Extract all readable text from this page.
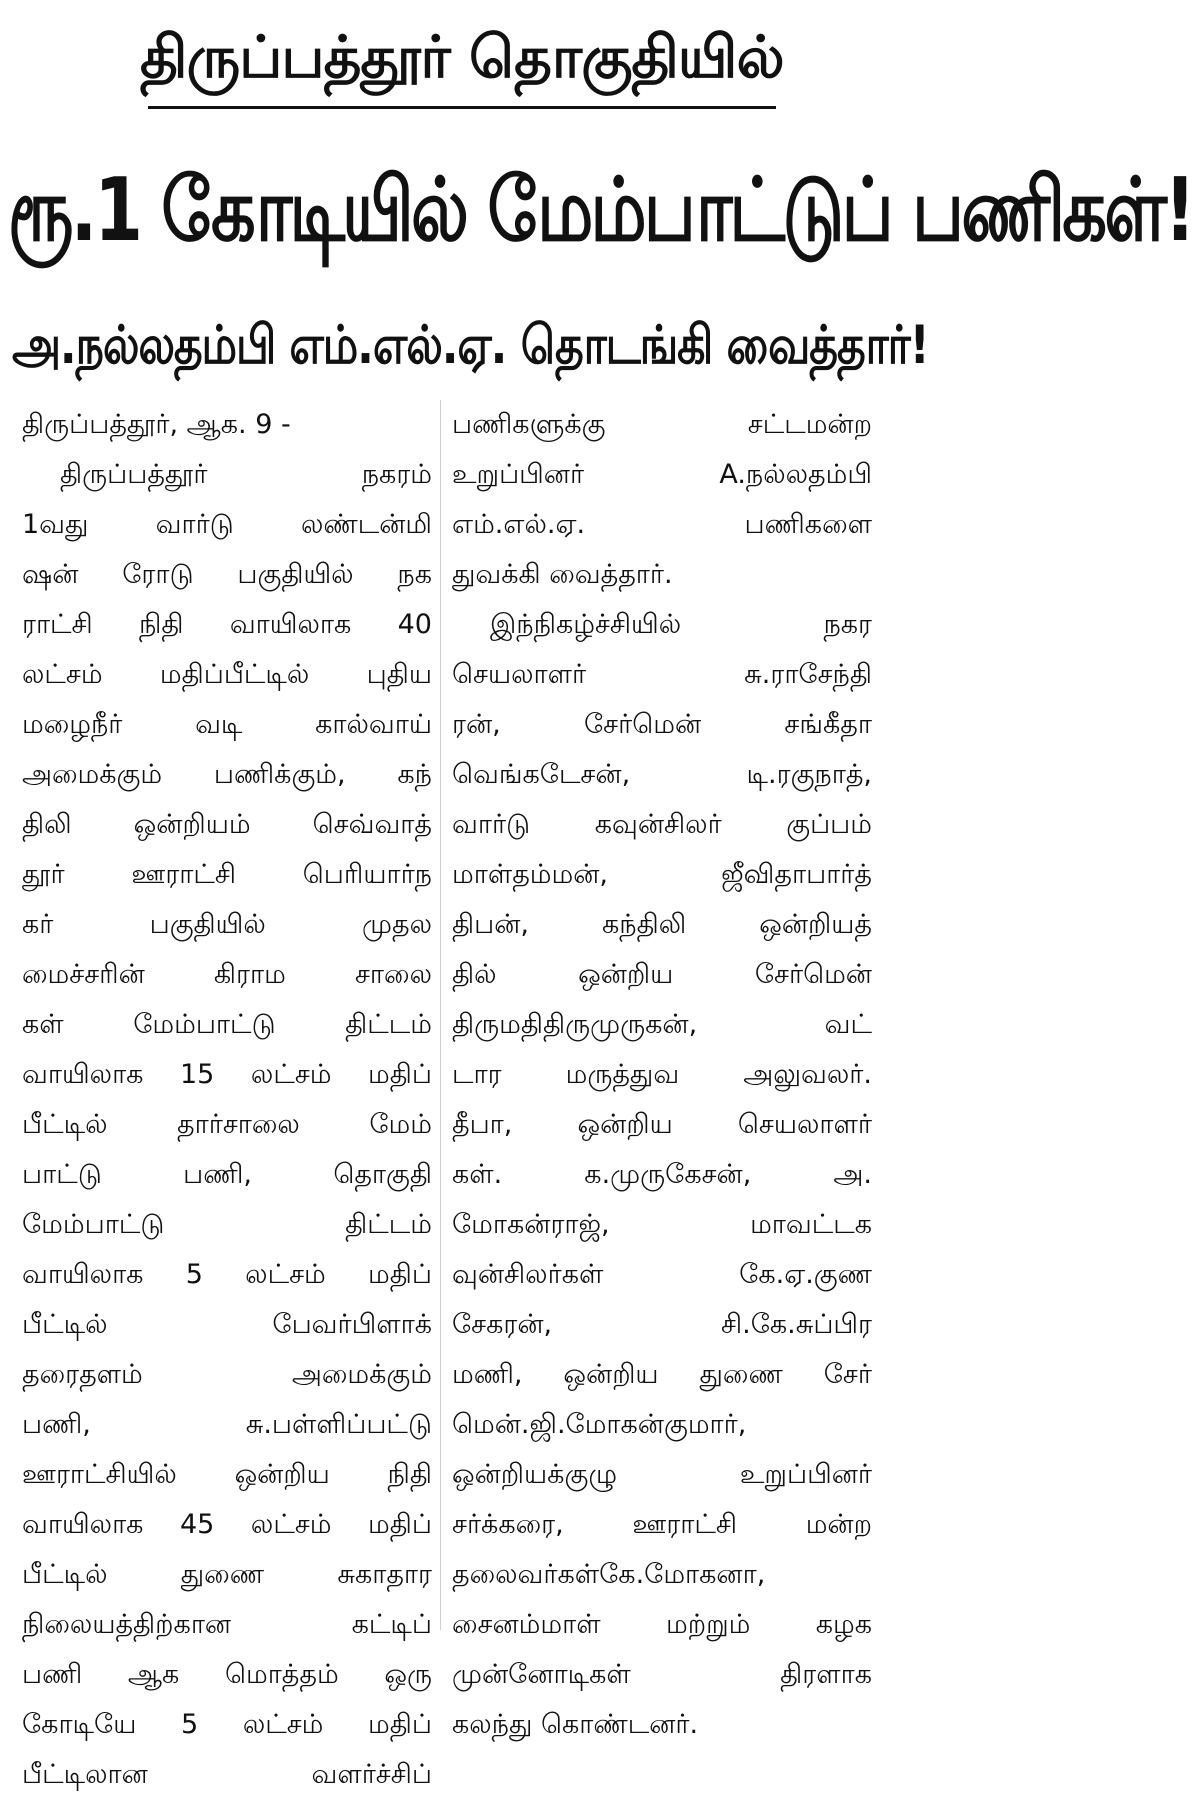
திருப்பத்தூர் தொகுதியில்
ரூ.1 கோடியில் மேம்பாட்டுப் பணிகள்!
அ.நல்லதம்பி எம்.எல்.ஏ. தொடங்கி வைத்தார்!
திருப்பத்தூர், ஆக. 9 -
திருப்பத்தூர் நகரம்
1வது வார்டு லண்டன்மி
ஷன் ரோடு பகுதியில் நக
ராட்சி நிதி வாயிலாக 40
லட்சம் மதிப்பீட்டில் புதிய
மழைநீர் வடி கால்வாய்
அமைக்கும் பணிக்கும், கந்
திலி ஒன்றியம் செவ்வாத்
தூர் ஊராட்சி பெரியார்ந
கர் பகுதியில் முதல
மைச்சரின் கிராம சாலை
கள் மேம்பாட்டு திட்டம்
வாயிலாக 15 லட்சம் மதிப்
பீட்டில் தார்சாலை மேம்
பாட்டு பணி, தொகுதி
மேம்பாட்டு திட்டம்
வாயிலாக 5 லட்சம் மதிப்
பீட்டில் பேவர்பிளாக்
தரைதளம் அமைக்கும்
பணி, சு.பள்ளிப்பட்டு
ஊராட்சியில் ஒன்றிய நிதி
வாயிலாக 45 லட்சம் மதிப்
பீட்டில் துணை சுகாதார
நிலையத்திற்கான கட்டிப்
பணி ஆக மொத்தம் ஒரு
கோடியே 5 லட்சம் மதிப்
பீட்டிலான வளர்ச்சிப்
பணிகளுக்கு சட்டமன்ற
உறுப்பினர் A.நல்லதம்பி
எம்.எல்.ஏ. பணிகளை
துவக்கி வைத்தார்.
இந்நிகழ்ச்சியில் நகர
செயலாளர் சு.ராசேந்தி
ரன், சேர்மென் சங்கீதா
வெங்கடேசன், டி.ரகுநாத்,
வார்டு கவுன்சிலர் குப்பம்
மாள்தம்மன், ஜீவிதாபார்த்
திபன், கந்திலி ஒன்றியத்
தில் ஒன்றிய சேர்மென்
திருமதிதிருமுருகன், வட்
டார மருத்துவ அலுவலர்.
தீபா, ஒன்றிய செயலாளர்
கள். க.முருகேசன், அ.
மோகன்ராஜ், மாவட்டக
வுன்சிலர்கள் கே.ஏ.குண
சேகரன், சி.கே.சுப்பிர
மணி, ஒன்றிய துணை சேர்
மென்.ஜி.மோகன்குமார்,
ஒன்றியக்குழு உறுப்பினர்
சர்க்கரை, ஊராட்சி மன்ற
தலைவர்கள்கே.மோகனா,
சைனம்மாள் மற்றும் கழக
முன்னோடிகள் திரளாக
கலந்து கொண்டனர்.
